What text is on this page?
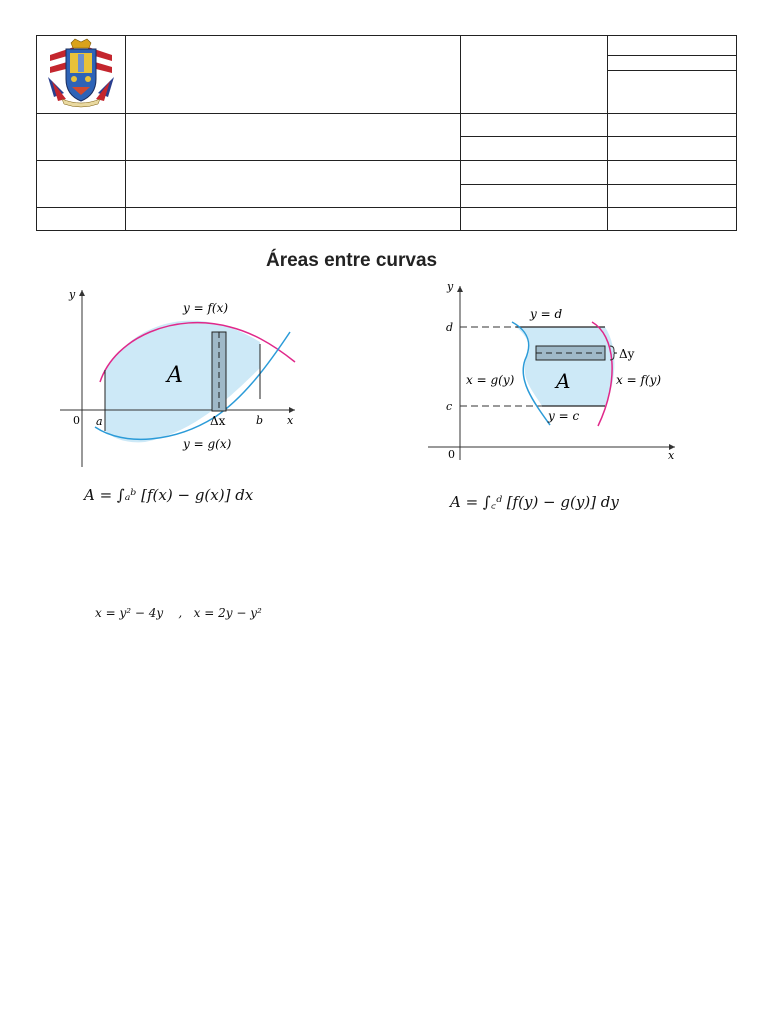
Áreas entre curvas
y
x
0 a	b
y = f(x)
y = g(x)
A
Δx
A = ∫ₐᵇ [f(x) − g(x)] dx
y
x
0
d
c
y = d
y = c
x = g(y)	x = f(y)
A
Δy
A = ∫꜀ᵈ [f(y) − g(y)] dy
x = y² − 4y    ,   x = 2y − y²
